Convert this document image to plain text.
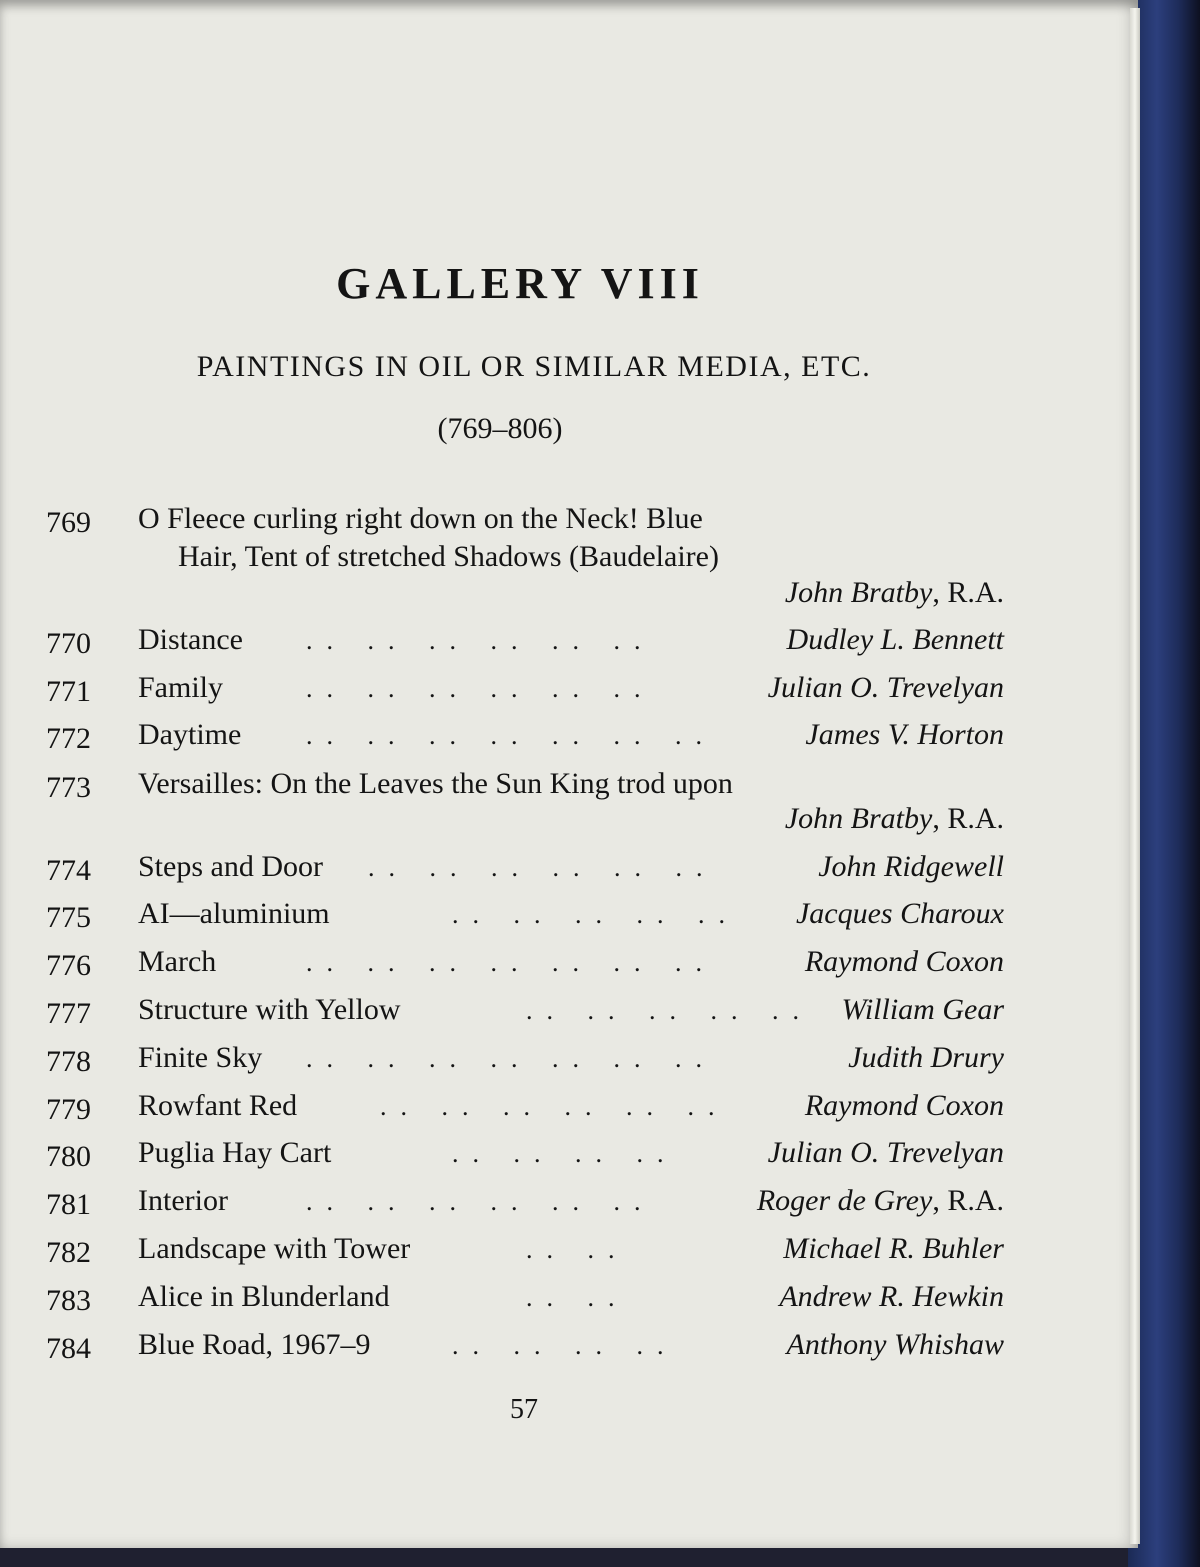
GALLERY VIII
PAINTINGS IN OIL OR SIMILAR MEDIA, ETC.
(769–806)
769	O Fleece curling right down on the Neck! Blue
Hair, Tent of stretched Shadows (Baudelaire)
John Bratby, R.A.
770	Distance .. .. .. .. .. ..	Dudley L. Bennett
771	Family	.. .. .. .. .. ..	Julian O. Trevelyan
772	Daytime .. .. .. .. .. .. ..	James V. Horton
773	Versailles: On the Leaves the Sun King trod upon
John Bratby, R.A.
774	Steps and Door .. .. .. .. .. ..	John Ridgewell
775	AI—aluminium	.. .. .. .. .. Jacques Charoux
776	March	.. .. .. .. .. .. ..	Raymond Coxon
777	Structure with Yellow	.. .. .. .. .. William Gear
778	Finite Sky .. .. .. .. .. .. ..	Judith Drury
779	Rowfant Red	.. .. .. .. .. ..	Raymond Coxon
780	Puglia Hay Cart	.. .. .. ..	Julian O. Trevelyan
781	Interior	.. .. .. .. .. ..	Roger de Grey, R.A.
782	Landscape with Tower	.. ..	Michael R. Buhler
783	Alice in Blunderland	.. ..	Andrew R. Hewkin
784	Blue Road, 1967–9	.. .. .. ..	Anthony Whishaw
57
